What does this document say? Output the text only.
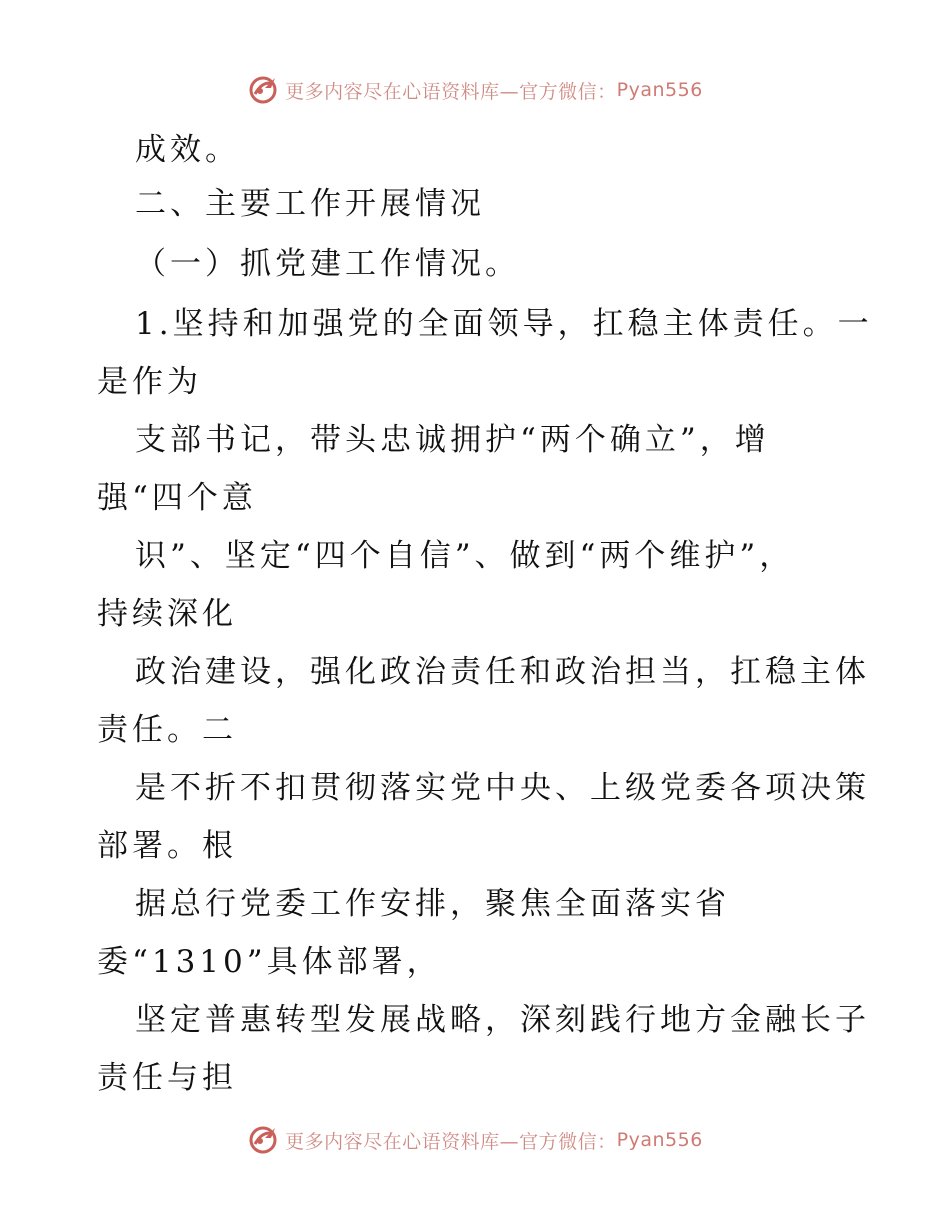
更多内容尽在心语资料库—官方微信： Pyan556
成效。
二、主要工作开展情况
（一）抓党建工作情况。
1.坚持和加强党的全面领导，扛稳主体责任。一
是作为
支部书记，带头忠诚拥护“两个确立”，增
强“四个意
识”、坚定“四个自信”、做到“两个维护”，
持续深化
政治建设，强化政治责任和政治担当，扛稳主体
责任。二
是不折不扣贯彻落实党中央、上级党委各项决策
部署。根
据总行党委工作安排，聚焦全面落实省
委“1310”具体部署，
坚定普惠转型发展战略，深刻践行地方金融长子
责任与担
更多内容尽在心语资料库—官方微信： Pyan556
